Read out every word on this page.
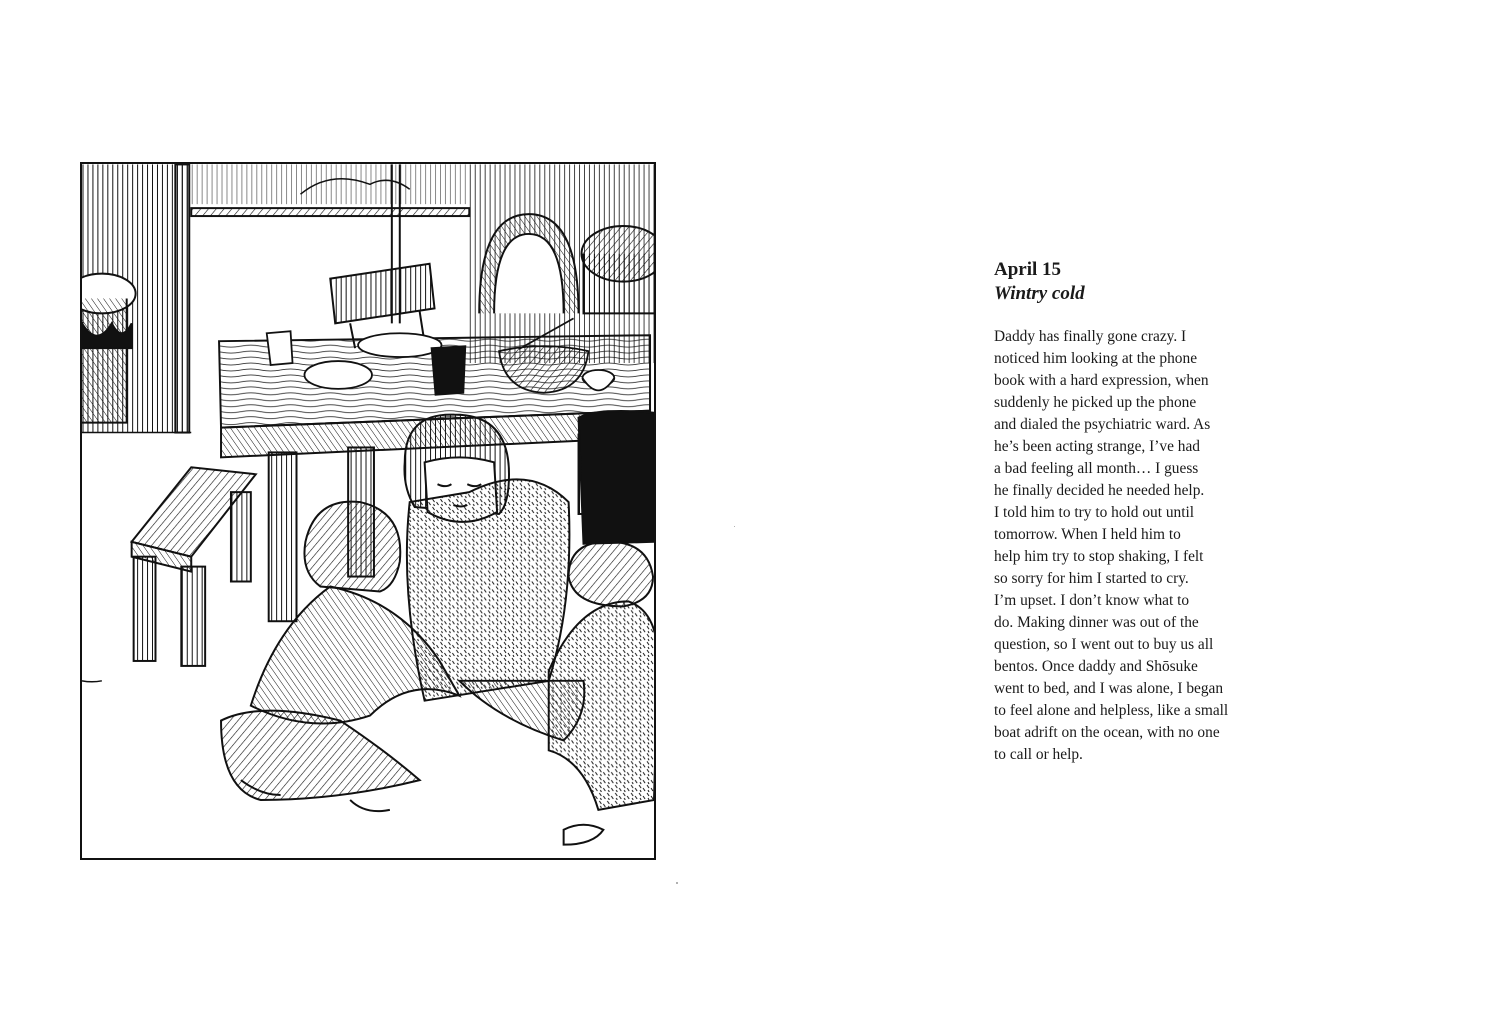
April 15

Wintry cold

Daddy has finally gone crazy. I

noticed him looking at the phone

book with a hard expression, when

suddenly he picked up the phone

and dialed the psychiatric ward. As

he’s been acting strange, I’ve had

a bad feeling all month… I guess

he finally decided he needed help.

I told him to try to hold out until

tomorrow. When I held him to

help him try to stop shaking, I felt

so sorry for him I started to cry.

I’m upset. I don’t know what to

do. Making dinner was out of the

question, so I went out to buy us all

bentos. Once daddy and Shōsuke

went to bed, and I was alone, I began

to feel alone and helpless, like a small

boat adrift on the ocean, with no one

to call or help.
